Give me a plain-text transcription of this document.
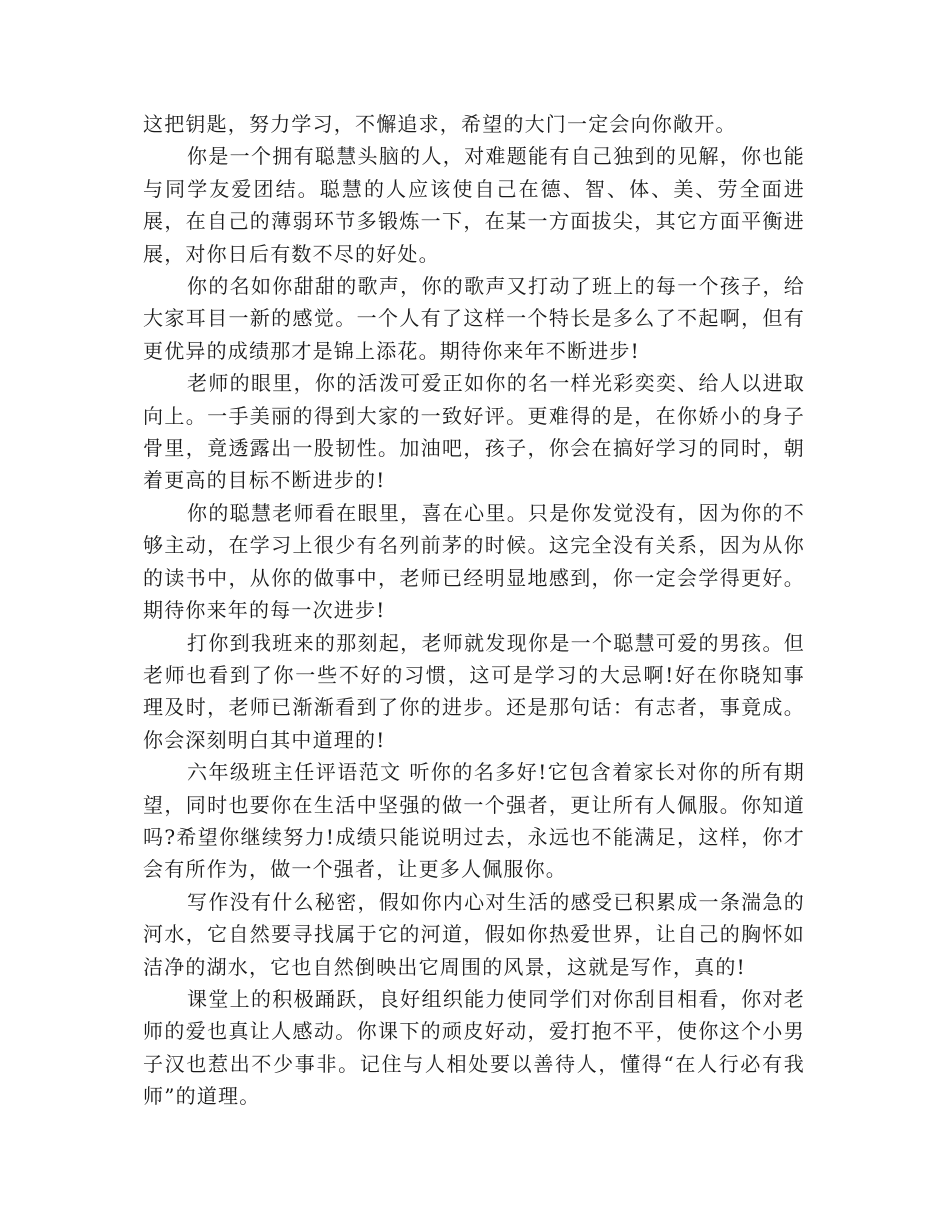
这把钥匙，努力学习，不懈追求，希望的大门一定会向你敞开。

你是一个拥有聪慧头脑的人，对难题能有自己独到的见解，你也能与同学友爱团结。聪慧的人应该使自己在德、智、体、美、劳全面进展，在自己的薄弱环节多锻炼一下，在某一方面拔尖，其它方面平衡进展，对你日后有数不尽的好处。

你的名如你甜甜的歌声，你的歌声又打动了班上的每一个孩子，给大家耳目一新的感觉。一个人有了这样一个特长是多么了不起啊，但有更优异的成绩那才是锦上添花。期待你来年不断进步!

老师的眼里，你的活泼可爱正如你的名一样光彩奕奕、给人以进取向上。一手美丽的得到大家的一致好评。更难得的是，在你娇小的身子骨里，竟透露出一股韧性。加油吧，孩子，你会在搞好学习的同时，朝着更高的目标不断进步的!

你的聪慧老师看在眼里，喜在心里。只是你发觉没有，因为你的不够主动，在学习上很少有名列前茅的时候。这完全没有关系，因为从你的读书中，从你的做事中，老师已经明显地感到，你一定会学得更好。期待你来年的每一次进步!

打你到我班来的那刻起，老师就发现你是一个聪慧可爱的男孩。但老师也看到了你一些不好的习惯，这可是学习的大忌啊!好在你晓知事理及时，老师已渐渐看到了你的进步。还是那句话：有志者，事竟成。你会深刻明白其中道理的!

六年级班主任评语范文 听你的名多好!它包含着家长对你的所有期望，同时也要你在生活中坚强的做一个强者，更让所有人佩服。你知道吗?希望你继续努力!成绩只能说明过去，永远也不能满足，这样，你才会有所作为，做一个强者，让更多人佩服你。

写作没有什么秘密，假如你内心对生活的感受已积累成一条湍急的河水，它自然要寻找属于它的河道，假如你热爱世界，让自己的胸怀如洁净的湖水，它也自然倒映出它周围的风景，这就是写作，真的!

课堂上的积极踊跃，良好组织能力使同学们对你刮目相看，你对老师的爱也真让人感动。你课下的顽皮好动，爱打抱不平，使你这个小男子汉也惹出不少事非。记住与人相处要以善待人，懂得“在人行必有我师”的道理。
